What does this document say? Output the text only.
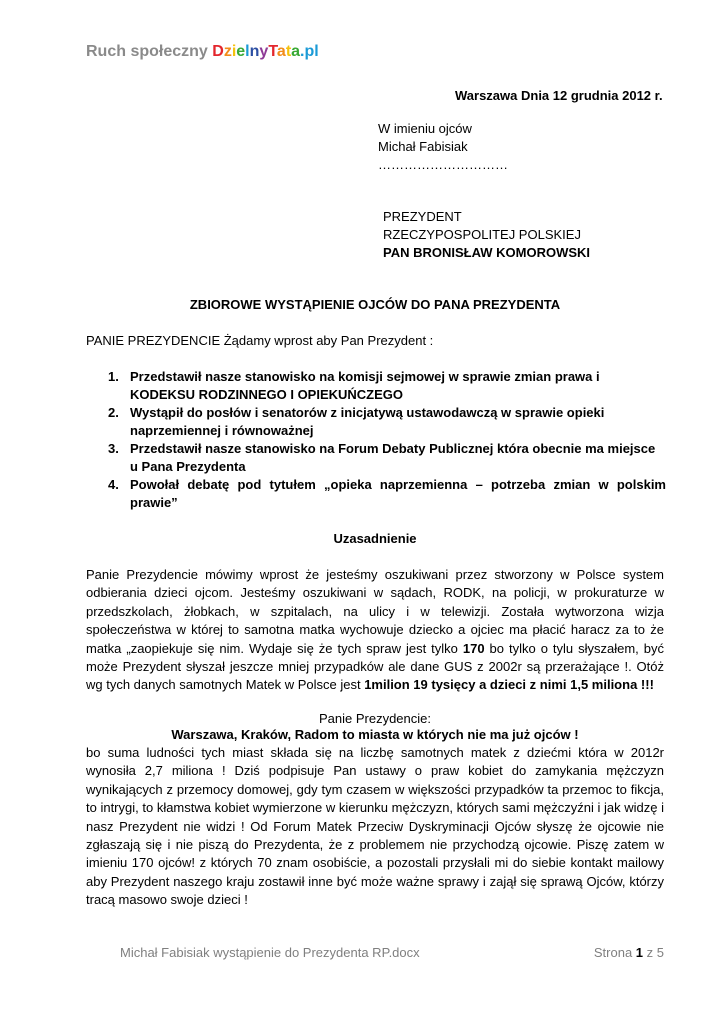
Ruch społeczny DzielnyTata.pl
Warszawa Dnia 12 grudnia 2012 r.
W imieniu ojców
Michał Fabisiak
…………………………
PREZYDENT
RZECZYPOSPOLITEJ POLSKIEJ
PAN BRONISŁAW KOMOROWSKI
ZBIOROWE WYSTĄPIENIE OJCÓW DO PANA PREZYDENTA
PANIE PREZYDENCIE Żądamy wprost aby Pan Prezydent :
1. Przedstawił nasze stanowisko na komisji sejmowej w sprawie zmian prawa i KODEKSU RODZINNEGO I OPIEKUŃCZEGO
2. Wystąpił do posłów i senatorów z inicjatywą ustawodawczą w sprawie opieki naprzemiennej i równoważnej
3. Przedstawił nasze stanowisko na Forum Debaty Publicznej która obecnie ma miejsce u Pana Prezydenta
4. Powołał debatę pod tytułem „opieka naprzemienna – potrzeba zmian w polskim prawie”
Uzasadnienie
Panie Prezydencie mówimy wprost że jesteśmy oszukiwani przez stworzony w Polsce system odbierania dzieci ojcom. Jesteśmy oszukiwani w sądach, RODK, na policji, w prokuraturze w przedszkolach, żłobkach, w szpitalach, na ulicy i w telewizji. Została wytworzona wizja społeczeństwa w której to samotna matka wychowuje dziecko a ojciec ma płacić haracz za to że matka „zaopiekuje się nim. Wydaje się że tych spraw jest tylko 170 bo tylko o tylu słyszałem, być może Prezydent słyszał jeszcze mniej przypadków ale dane GUS z 2002r są przerażające !. Otóż wg tych danych samotnych Matek w Polsce jest 1milion 19 tysięcy a dzieci z nimi 1,5 miliona !!!
Panie Prezydencie:
Warszawa, Kraków, Radom to miasta w których nie ma już ojców !
bo suma ludności tych miast składa się na liczbę samotnych matek z dziećmi która w 2012r wynosiła 2,7 miliona ! Dziś podpisuje Pan ustawy o praw kobiet do zamykania mężczyzn wynikających z przemocy domowej, gdy tym czasem w większości przypadków ta przemoc to fikcja, to intrygi, to kłamstwa kobiet wymierzone w kierunku mężczyzn, których sami mężczyźni i jak widzę i nasz Prezydent nie widzi ! Od Forum Matek Przeciw Dyskryminacji Ojców słyszę że ojcowie nie zgłaszają się i nie piszą do Prezydenta, że z problemem nie przychodzą ojcowie. Piszę zatem w imieniu 170 ojców! z których 70 znam osobiście, a pozostali przysłali mi do siebie kontakt mailowy aby Prezydent naszego kraju zostawił inne być może ważne sprawy i zajął się sprawą Ojców, którzy tracą masowo swoje dzieci !
Michał Fabisiak wystąpienie do Prezydenta RP.docx	Strona 1 z 5
